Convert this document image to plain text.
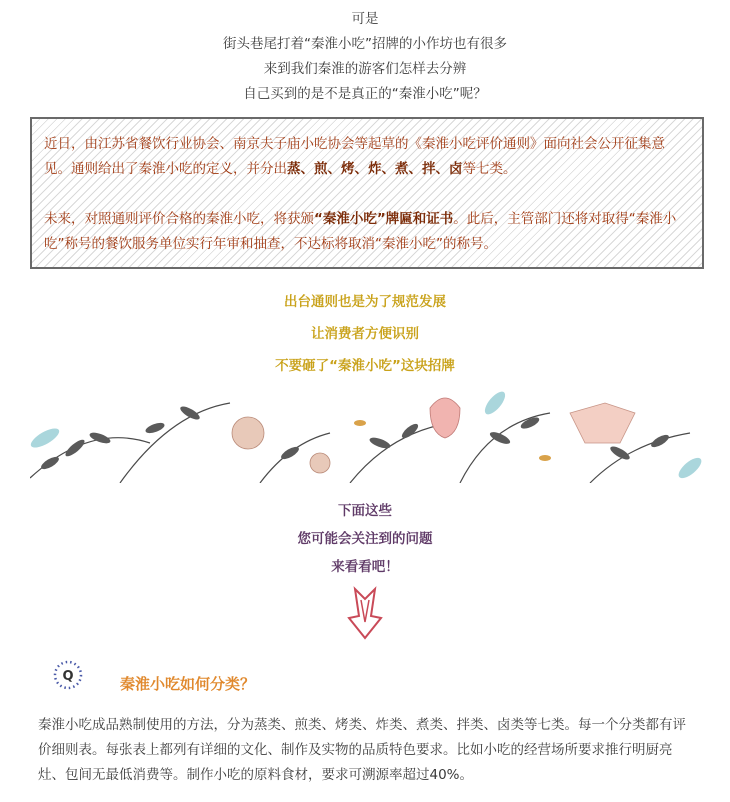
可是
街头巷尾打着“秦淮小吃”招牌的小作坊也有很多
来到我们秦淮的游客们怎样去分辨
自己买到的是不是真正的“秦淮小吃”呢？

近日，由江苏省餐饮行业协会、南京夫子庙小吃协会等起草的《秦淮小吃评价通则》面向社会公开征集意见。通则给出了秦淮小吃的定义，并分出蒸、煎、烤、炸、煮、拌、卤等七类。

未来，对照通则评价合格的秦淮小吃，将获颁“秦淮小吃”牌匾和证书。此后，主管部门还将对取得“秦淮小吃”称号的餐饮服务单位实行年审和抽查，不达标将取消“秦淮小吃”的称号。

出台通则也是为了规范发展
让消费者方便识别
不要砸了“秦淮小吃”这块招牌
下面这些
您可能会关注到的问题
来看看吧！
Q	秦淮小吃如何分类？
秦淮小吃成品熟制使用的方法，分为蒸类、煎类、烤类、炸类、煮类、拌类、卤类等七类。每一个分类都有评价细则表。每张表上都列有详细的文化、制作及实物的品质特色要求。比如小吃的经营场所要求推行明厨亮灶、包间无最低消费等。制作小吃的原料食材，要求可溯源率超过40%。
